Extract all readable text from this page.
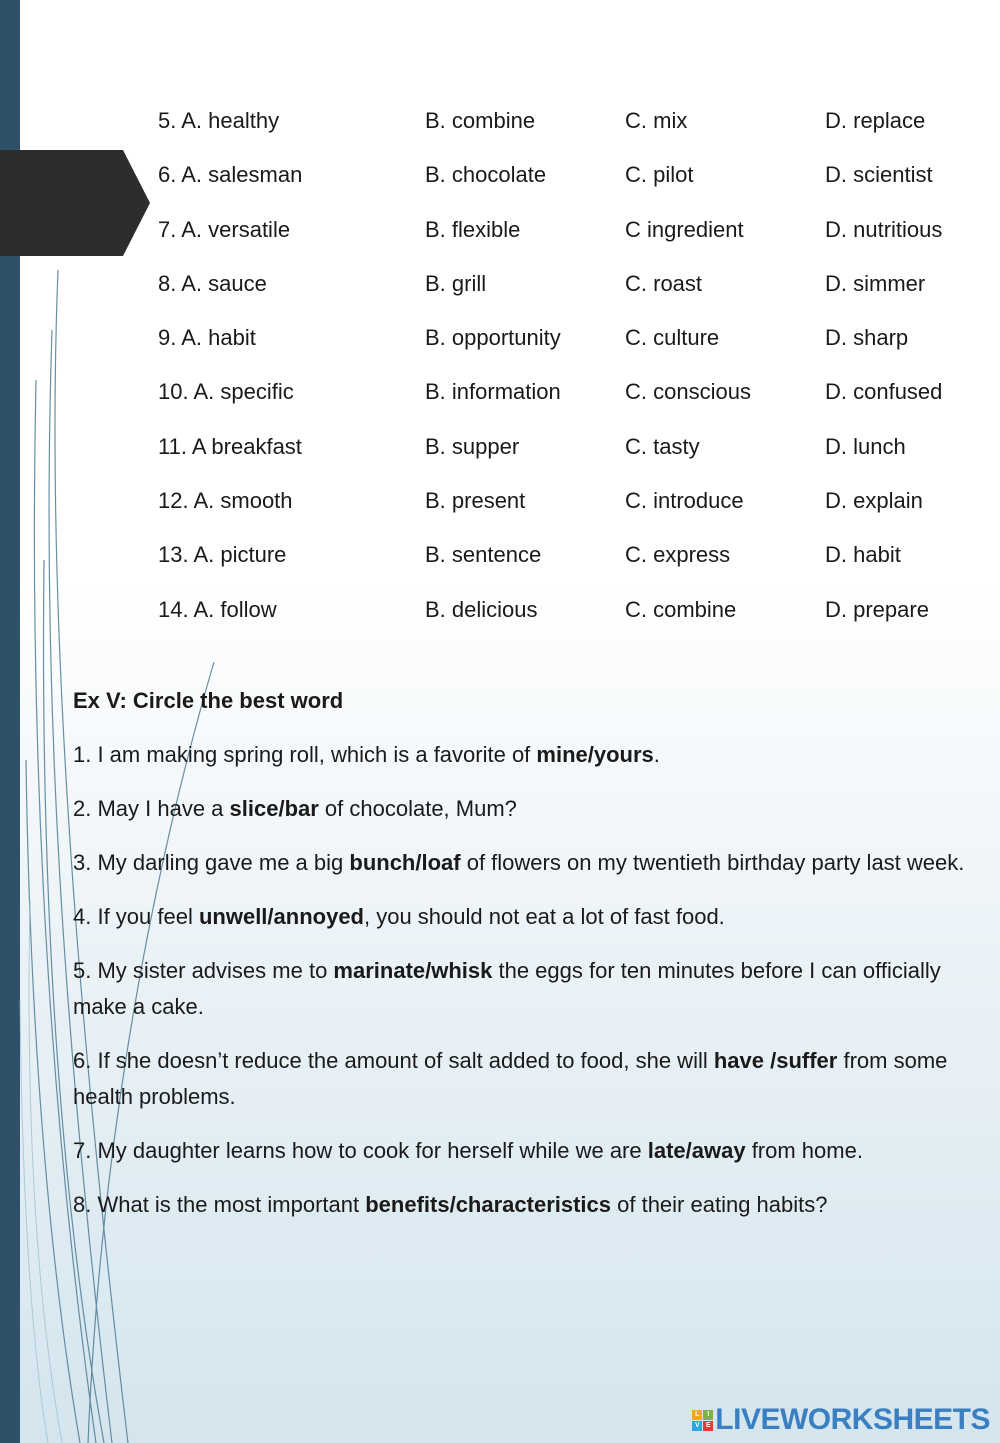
5. A. healthy	B. combine	C. mix	D. replace
6. A. salesman	B. chocolate	C. pilot	D. scientist
7. A. versatile	B. flexible	C ingredient	D. nutritious
8. A. sauce	B. grill	C. roast	D. simmer
9. A. habit	B. opportunity	C. culture	D. sharp
10. A. specific	B. information	C. conscious	D. confused
11. A breakfast	B. supper	C. tasty	D. lunch
12. A. smooth	B. present	C. introduce	D. explain
13. A. picture	B. sentence	C. express	D. habit
14. A. follow	B. delicious	C. combine	D. prepare
Ex V: Circle the best word
1. I am making spring roll, which is a favorite of mine/yours.
2. May I have a slice/bar of chocolate, Mum?
3. My darling gave me a big bunch/loaf of flowers on my twentieth birthday party last week.
4. If you feel unwell/annoyed, you should not eat a lot of fast food.
5. My sister advises me to marinate/whisk the eggs for ten minutes before I can officially make a cake.
6. If she doesn’t reduce the amount of salt added to food, she will have /suffer from some health problems.
7. My daughter learns how to cook for herself while we are late/away from home.
8. What is the most important benefits/characteristics of their eating habits?
L	I
V E LIVEWORKSHEETS
